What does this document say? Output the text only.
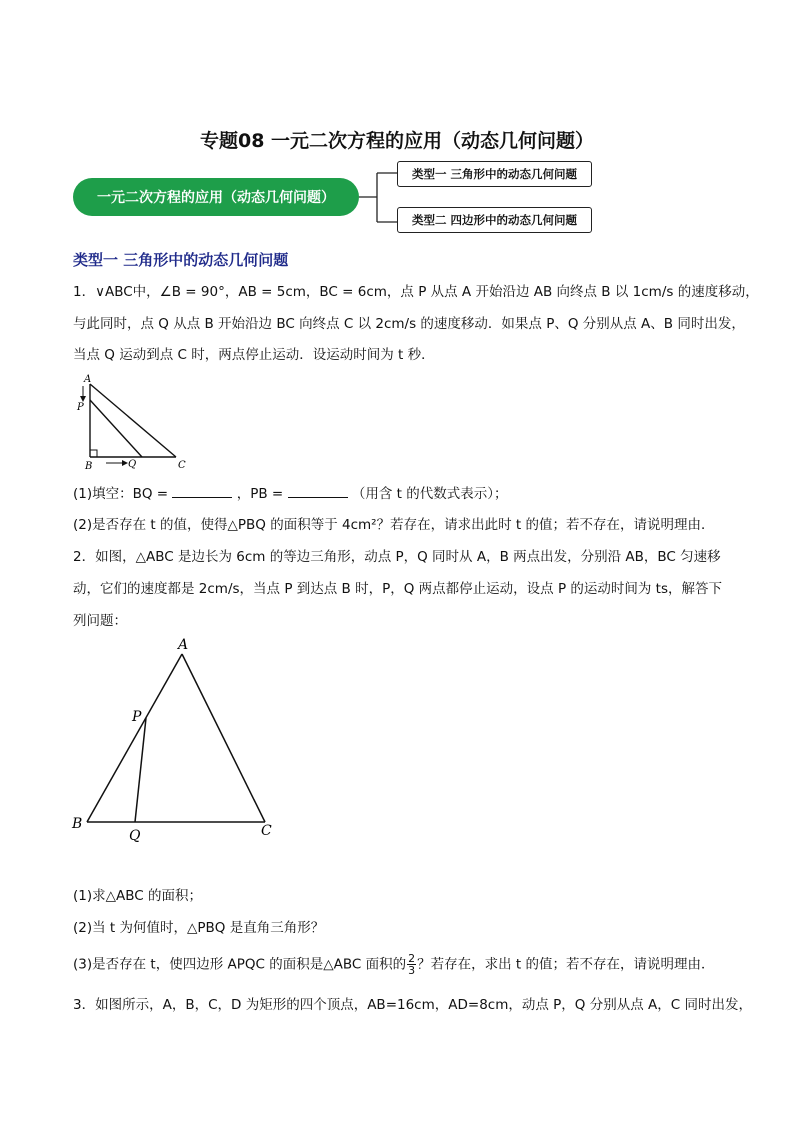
专题08 一元二次方程的应用（动态几何问题）
一元二次方程的应用（动态几何问题）
类型一 三角形中的动态几何问题
类型二 四边形中的动态几何问题
类型一 三角形中的动态几何问题
1．∨ABC中，∠B = 90°，AB = 5cm，BC = 6cm，点 P 从点 A 开始沿边 AB 向终点 B 以 1cm/s 的速度移动，
与此同时，点 Q 从点 B 开始沿边 BC 向终点 C 以 2cm/s 的速度移动．如果点 P、Q 分别从点 A、B 同时出发，
当点 Q 运动到点 C 时，两点停止运动．设运动时间为 t 秒．
A
P
B	Q	C
(1)填空：BQ =	，PB =	（用含 t 的代数式表示）；
(2)是否存在 t 的值，使得△PBQ 的面积等于 4cm²？若存在，请求出此时 t 的值；若不存在，请说明理由．
2．如图，△ABC 是边长为 6cm 的等边三角形，动点 P，Q 同时从 A，B 两点出发，分别沿 AB，BC 匀速移
动，它们的速度都是 2cm/s，当点 P 到达点 B 时，P，Q 两点都停止运动，设点 P 的运动时间为 ts，解答下
列问题：
A
P
B
Q	C
(1)求△ABC 的面积；
(2)当 t 为何值时，△PBQ 是直角三角形？
(3)是否存在 t，使四边形 APQC 的面积是△ABC 面积的 $\frac{2}{3}$ ？若存在，求出 t 的值；若不存在，请说明理由．
3．如图所示，A，B，C，D 为矩形的四个顶点，AB=16cm，AD=8cm，动点 P，Q 分别从点 A，C 同时出发，
